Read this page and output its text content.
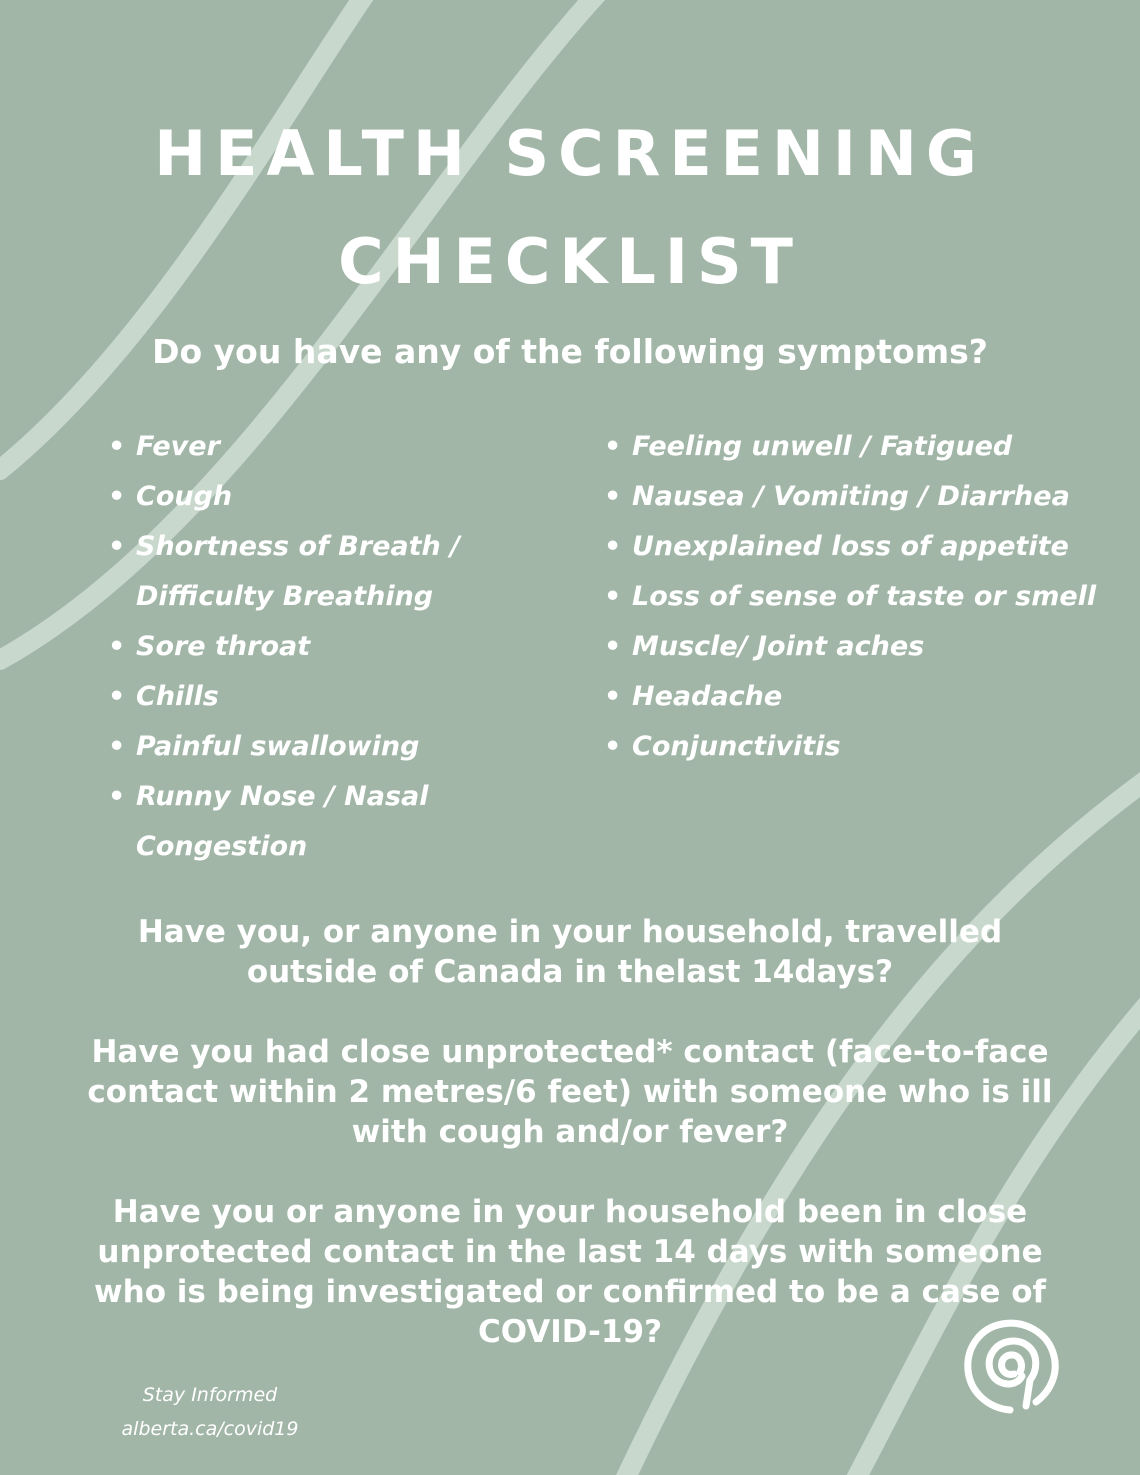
HEALTH SCREENING
CHECKLIST
Do you have any of the following symptoms?
• Fever
• Cough
• Shortness of Breath / Difficulty Breathing
• Sore throat
• Chills
• Painful swallowing
• Runny Nose / Nasal Congestion
• Feeling unwell / Fatigued
• Nausea / Vomiting / Diarrhea
• Unexplained loss of appetite
• Loss of sense of taste or smell
• Muscle/ Joint aches
• Headache
• Conjunctivitis

Have you, or anyone in your household, travelled outside of Canada in thelast 14days?

Have you had close unprotected* contact (face-to-face contact within 2 metres/6 feet) with someone who is ill with cough and/or fever?

Have you or anyone in your household been in close unprotected contact in the last 14 days with someone who is being investigated or confirmed to be a case of COVID-19?

Stay Informed
alberta.ca/covid19
